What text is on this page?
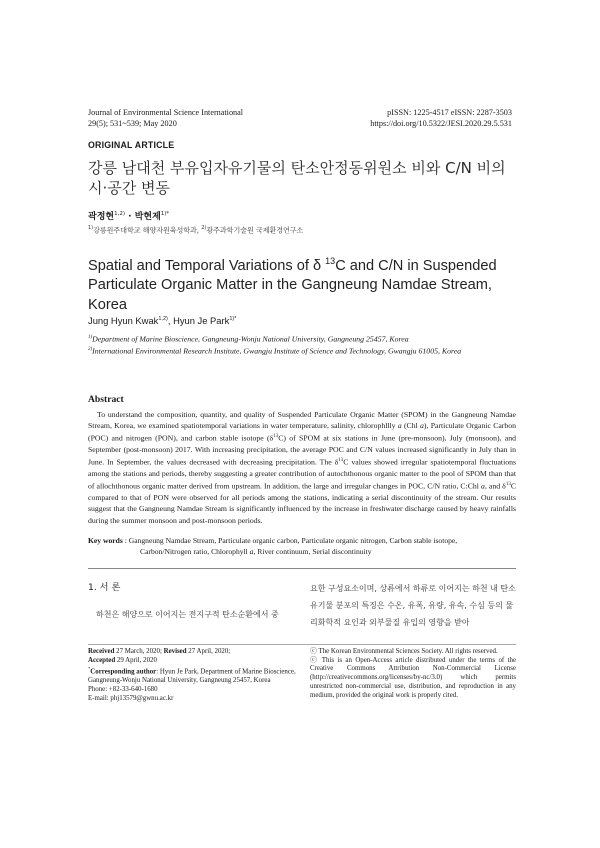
Journal of Environmental Science International
29(5); 531~539; May 2020
pISSN: 1225-4517 eISSN: 2287-3503
https://doi.org/10.5322/JESI.2020.29.5.531
ORIGINAL ARTICLE
강릉 남대천 부유입자유기물의 탄소안정동위원소 비와 C/N 비의 시·공간 변동
곽정현$^{1,2)}$ · 박현제$^{1)*}$
$^{1)}$강릉원주대학교 해양자원육성학과, $^{2)}$광주과학기술원 국제환경연구소
Spatial and Temporal Variations of δ $^{13}$C and C/N in Suspended Particulate Organic Matter in the Gangneung Namdae Stream, Korea
Jung Hyun Kwak$^{1,2)}$, Hyun Je Park$^{1)*}$
$^{1)}$Department of Marine Bioscience, Gangneung-Wonju National University, Gangneung 25457, Korea
$^{2)}$International Environmental Research Institute, Gwangju Institute of Science and Technology, Gwangju 61005, Korea
Abstract
To understand the composition, quantity, and quality of Suspended Particulate Organic Matter (SPOM) in the Gangneung Namdae Stream, Korea, we examined spatiotemporal variations in water temperature, salinity, chlorophllly a (Chl a), Particulate Organic Carbon (POC) and nitrogen (PON), and carbon stable isotope $(\delta^{13}C)$ of SPOM at six stations in June (pre-monsoon), July (monsoon), and September (post-monsoon) 2017. With increasing precipitation, the average POC and C/N values increased significantly in July than in June. In September, the values decreased with decreasing precipitation. The $\delta^{13}C$ values showed irregular spatiotemporal fluctuations among the stations and periods, thereby suggesting a greater contribution of autochthonous organic matter to the pool of SPOM than that of allochthonous organic matter derived from upstream. In addition, the large and irregular changes in POC, C/N ratio, C:Chl a, and $\delta^{13}C$ compared to that of PON were observed for all periods among the stations, indicating a serial discontinuity of the stream. Our results suggest that the Gangneung Namdae Stream is significantly influenced by the increase in freshwater discharge caused by heavy rainfalls during the summer monsoon and post-monsoon periods.
Key words : Gangneung Namdae Stream, Particulate organic carbon, Particulate organic nitrogen, Carbon stable isotope,
Carbon/Nitrogen ratio, Chlorophyll a, River continuum, Serial discontinuity
1. 서 론
하천은 해양으로 이어지는 전지구적 탄소순환에서 중
요한 구성요소이며, 상류에서 하류로 이어지는 하천 내 탄소 유기물 분포의 특징은 수온, 유폭, 유량, 유속, 수심 등의 물리화학적 요인과 외부물질 유입의 영향을 받아
Received 27 March, 2020; Revised 27 April, 2020;
Accepted 29 April, 2020
*Corresponding author: Hyun Je Park, Department of Marine Bioscience, Gangneung-Wonju National University, Gangneung 25457, Korea
Phone: +82-33-640-1680
E-mail: phj13579@gwnu.ac.kr
ⓒ The Korean Environmental Sciences Society. All rights reserved.
ⓒ This is an Open-Access article distributed under the terms of the Creative Commons Attribution Non-Commercial License (http://creativecommons.org/licenses/by-nc/3.0) which permits unrestricted non-commercial use, distribution, and reproduction in any medium, provided the original work is properly cited.
